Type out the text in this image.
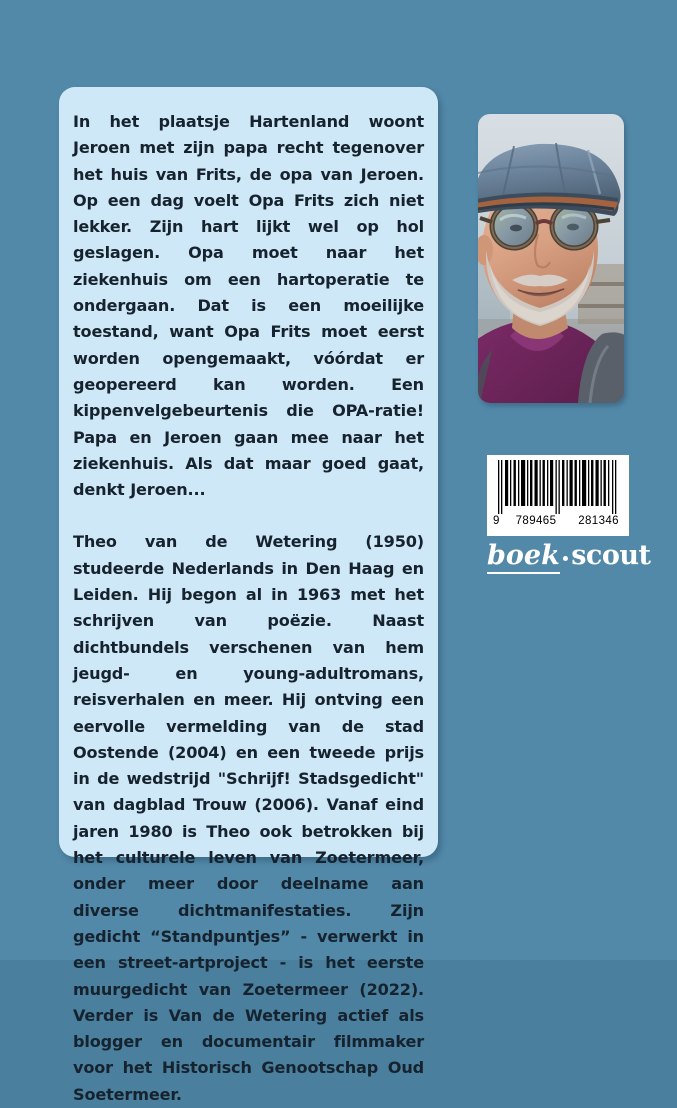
In het plaatsje Hartenland woont Jeroen met zijn papa recht tegenover het huis van Frits, de opa van Jeroen. Op een dag voelt Opa Frits zich niet lekker. Zijn hart lijkt wel op hol geslagen. Opa moet naar het ziekenhuis om een hartoperatie te ondergaan. Dat is een moeilijke toestand, want Opa Frits moet eerst worden opengemaakt, vóórdat er geopereerd kan worden. Een kippenvelgebeurtenis die OPA-ratie! Papa en Jeroen gaan mee naar het ziekenhuis. Als dat maar goed gaat, denkt Jeroen...

Theo van de Wetering (1950) studeerde Nederlands in Den Haag en Leiden. Hij begon al in 1963 met het schrijven van poëzie. Naast dichtbundels verschenen van hem jeugd- en young-adultromans, reisverhalen en meer. Hij ontving een eervolle vermelding van de stad Oostende (2004) en een tweede prijs in de wedstrijd "Schrijf! Stadsgedicht" van dagblad Trouw (2006). Vanaf eind jaren 1980 is Theo ook betrokken bij het culturele leven van Zoetermeer, onder meer door deelname aan diverse dichtmanifestaties. Zijn gedicht “Standpuntjes” - verwerkt in een street-artproject - is het eerste muurgedicht van Zoetermeer (2022). Verder is Van de Wetering actief als blogger en documentair filmmaker voor het Historisch Genootschap Oud Soetermeer.

9 789465 281346
boek·scout
